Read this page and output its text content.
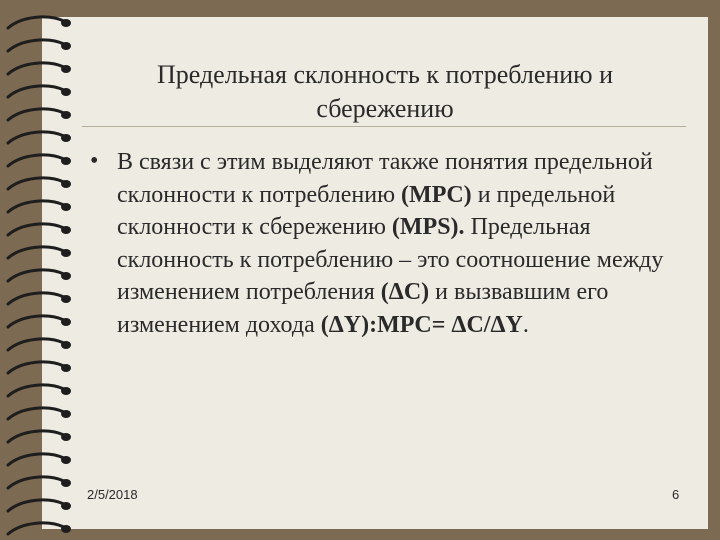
Предельная склонность к потреблению и
сбережению
• В связи с этим выделяют также понятия предельной склонности к потреблению (MPC) и предельной склонности к сбережению (MPS). Предельная склонность к потреблению – это соотношение между изменением потребления (ΔC) и вызвавшим его изменением дохода (ΔY):MPC= ΔC/ΔY.
2/5/2018	6
